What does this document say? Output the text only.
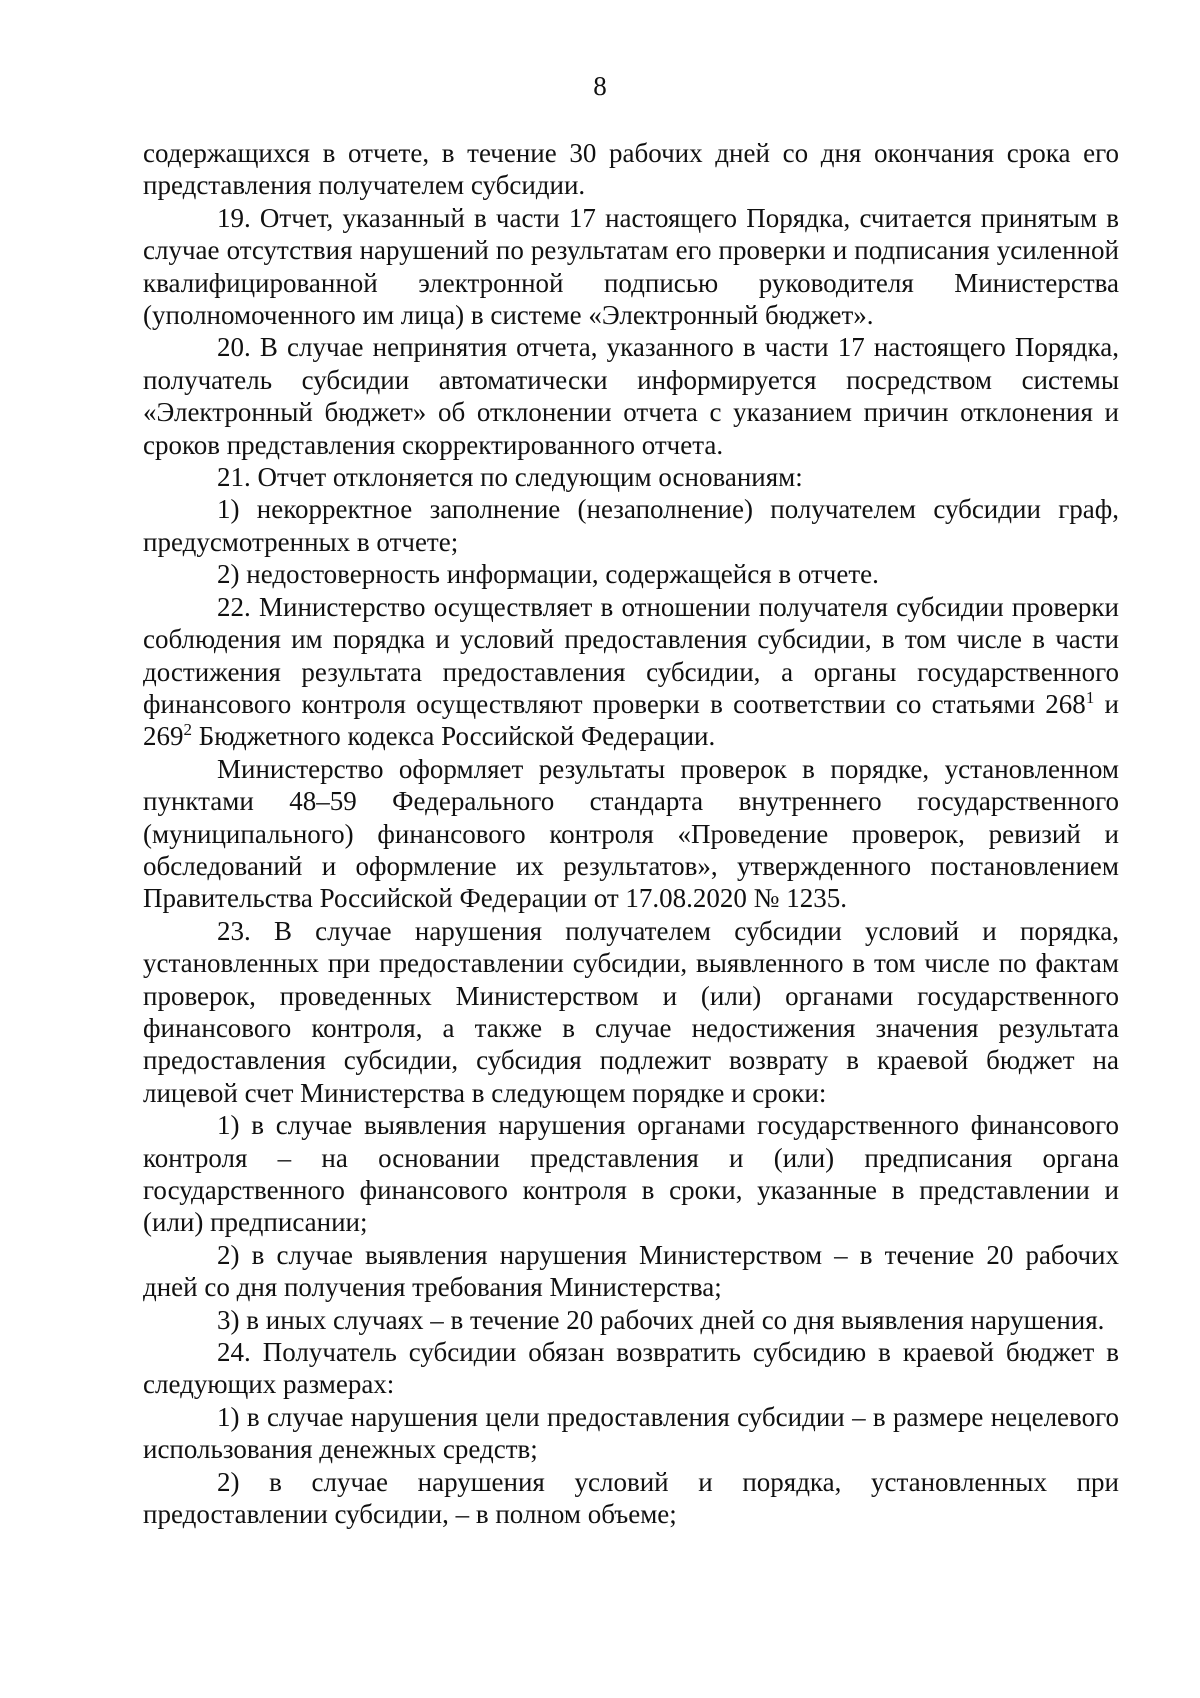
8

содержащихся в отчете, в течение 30 рабочих дней со дня окончания срока его представления получателем субсидии.

19. Отчет, указанный в части 17 настоящего Порядка, считается принятым в случае отсутствия нарушений по результатам его проверки и подписания усиленной квалифицированной электронной подписью руководителя Министерства (уполномоченного им лица) в системе «Электронный бюджет».

20. В случае непринятия отчета, указанного в части 17 настоящего Порядка, получатель субсидии автоматически информируется посредством системы «Электронный бюджет» об отклонении отчета с указанием причин отклонения и сроков представления скорректированного отчета.

21. Отчет отклоняется по следующим основаниям:

1) некорректное заполнение (незаполнение) получателем субсидии граф, предусмотренных в отчете;

2) недостоверность информации, содержащейся в отчете.

22. Министерство осуществляет в отношении получателя субсидии проверки соблюдения им порядка и условий предоставления субсидии, в том числе в части достижения результата предоставления субсидии, а органы государственного финансового контроля осуществляют проверки в соответствии со статьями $268^1$ и $269^2$ Бюджетного кодекса Российской Федерации.

Министерство оформляет результаты проверок в порядке, установленном пунктами 48–59 Федерального стандарта внутреннего государственного (муниципального) финансового контроля «Проведение проверок, ревизий и обследований и оформление их результатов», утвержденного постановлением Правительства Российской Федерации от 17.08.2020 № 1235.

23. В случае нарушения получателем субсидии условий и порядка, установленных при предоставлении субсидии, выявленного в том числе по фактам проверок, проведенных Министерством и (или) органами государственного финансового контроля, а также в случае недостижения значения результата предоставления субсидии, субсидия подлежит возврату в краевой бюджет на лицевой счет Министерства в следующем порядке и сроки:

1) в случае выявления нарушения органами государственного финансового контроля – на основании представления и (или) предписания органа государственного финансового контроля в сроки, указанные в представлении и (или) предписании;

2) в случае выявления нарушения Министерством – в течение 20 рабочих дней со дня получения требования Министерства;

3) в иных случаях – в течение 20 рабочих дней со дня выявления нарушения.

24. Получатель субсидии обязан возвратить субсидию в краевой бюджет в следующих размерах:

1) в случае нарушения цели предоставления субсидии – в размере нецелевого использования денежных средств;

2) в случае нарушения условий и порядка, установленных при предоставлении субсидии, – в полном объеме;
